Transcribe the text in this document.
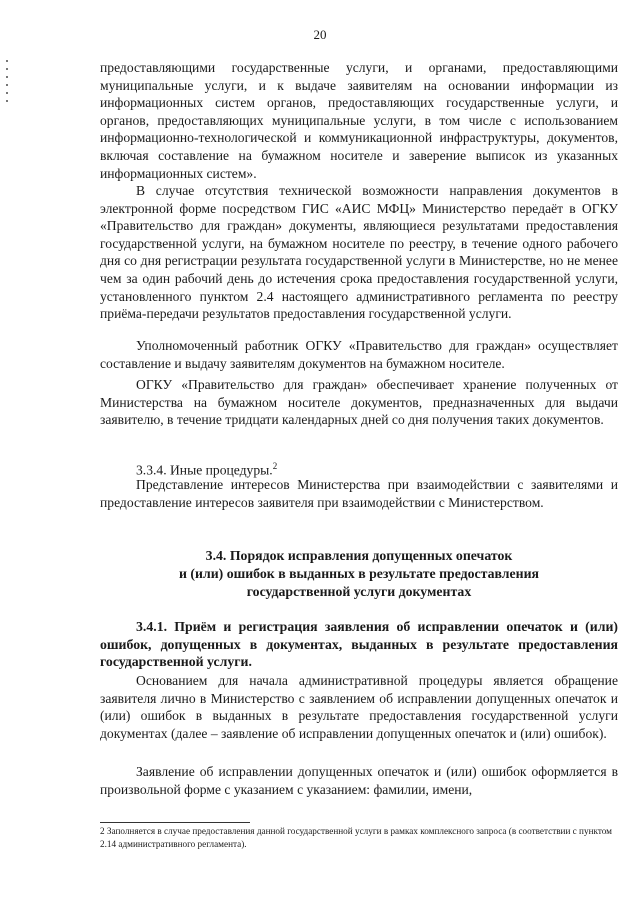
20

предоставляющими государственные услуги, и органами, предоставляющими муниципальные услуги, и к выдаче заявителям на основании информации из информационных систем органов, предоставляющих государственные услуги, и органов, предоставляющих муниципальные услуги, в том числе с использованием информационно-технологической и коммуникационной инфраструктуры, документов, включая составление на бумажном носителе и заверение выписок из указанных информационных систем».

В случае отсутствия технической возможности направления документов в электронной форме посредством ГИС «АИС МФЦ» Министерство передаёт в ОГКУ «Правительство для граждан» документы, являющиеся результатами предоставления государственной услуги, на бумажном носителе по реестру, в течение одного рабочего дня со дня регистрации результата государственной услуги в Министерстве, но не менее чем за один рабочий день до истечения срока предоставления государственной услуги, установленного пунктом 2.4 настоящего административного регламента по реестру приёма-передачи результатов предоставления государственной услуги.

Уполномоченный работник ОГКУ «Правительство для граждан» осуществляет составление и выдачу заявителям документов на бумажном носителе.

ОГКУ «Правительство для граждан» обеспечивает хранение полученных от Министерства на бумажном носителе документов, предназначенных для выдачи заявителю, в течение тридцати календарных дней со дня получения таких документов.

3.3.4. Иные процедуры.$^2$

Представление интересов Министерства при взаимодействии с заявителями и предоставление интересов заявителя при взаимодействии с Министерством.

3.4. Порядок исправления допущенных опечаток

и (или) ошибок в выданных в результате предоставления

государственной услуги документах

3.4.1. Приём и регистрация заявления об исправлении опечаток и (или) ошибок, допущенных в документах, выданных в результате предоставления государственной услуги.

Основанием для начала административной процедуры является обращение заявителя лично в Министерство с заявлением об исправлении допущенных опечаток и (или) ошибок в выданных в результате предоставления государственной услуги документах (далее – заявление об исправлении допущенных опечаток и (или) ошибок).

Заявление об исправлении допущенных опечаток и (или) ошибок оформляется в произвольной форме с указанием с указанием: фамилии, имени,

2 Заполняется в случае предоставления данной государственной услуги в рамках комплексного запроса (в соответствии с пунктом 2.14 административного регламента).
